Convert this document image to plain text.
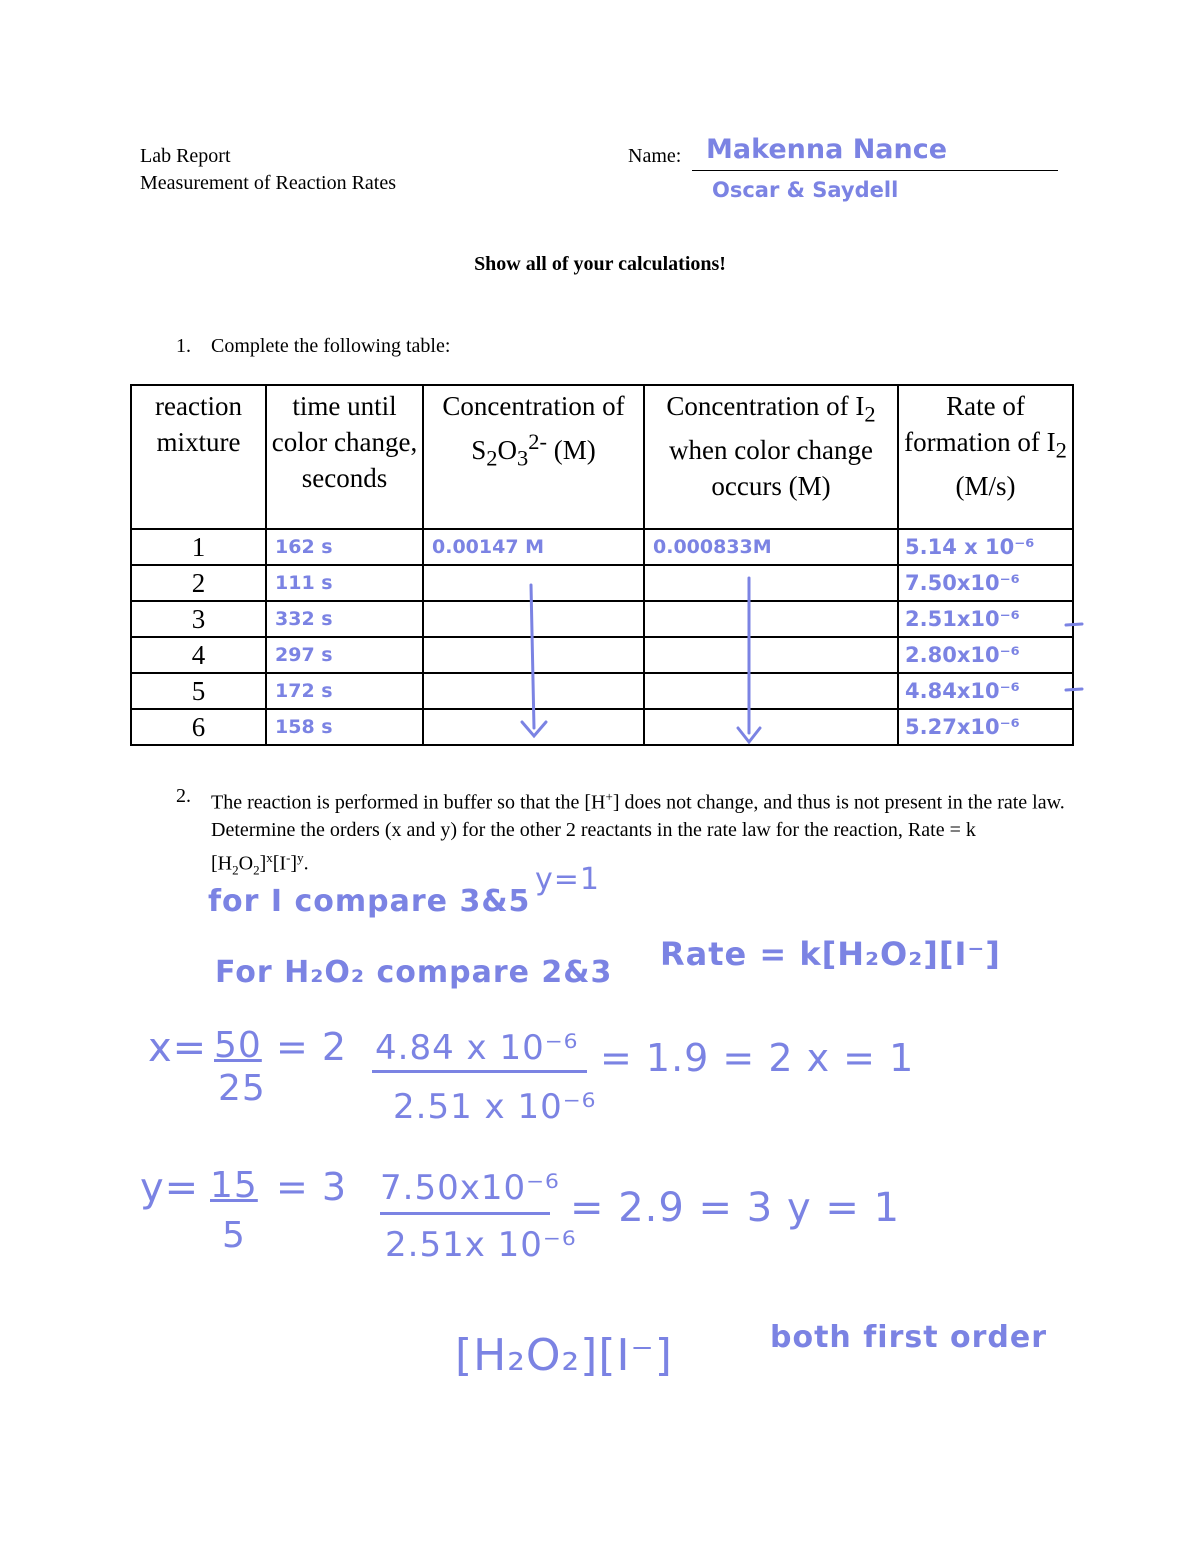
Lab Report
Measurement of Reaction Rates
Name: Makenna Nance
Oscar & Saydell
Show all of your calculations!
1. Complete the following table:
reaction mixture	time until color change, seconds	Concentration of $S_2O_3^{2-}$ (M)	Concentration of $I_2$ when color change occurs (M)	Rate of formation of $I_2$ (M/s)
1	162 s	0.00147 M	0.000833M	5.14 x 10⁻⁶
2	111 s			7.50x10⁻⁶
3	332 s			2.51x10⁻⁶
4	297 s			2.80x10⁻⁶
5	172 s			4.84x10⁻⁶
6	158 s			5.27x10⁻⁶
2. The reaction is performed in buffer so that the [H+] does not change, and thus is not present in the rate law. Determine the orders (x and y) for the other 2 reactants in the rate law for the reaction, Rate = k $[H_2O_2]^x[I^-]^y$.
for I compare 3&5
y=1
For H₂O₂ compare 2&3 Rate = k[H₂O₂][I⁻]
x= 50
25
= 2 4.84 x 10⁻⁶
2.51 x 10⁻⁶
= 1.9 = 2 x = 1
y= 15
5
= 3 7.50x10⁻⁶
2.51x 10⁻⁶
= 2.9 = 3 y = 1
[H₂O₂][I⁻]	both first order
